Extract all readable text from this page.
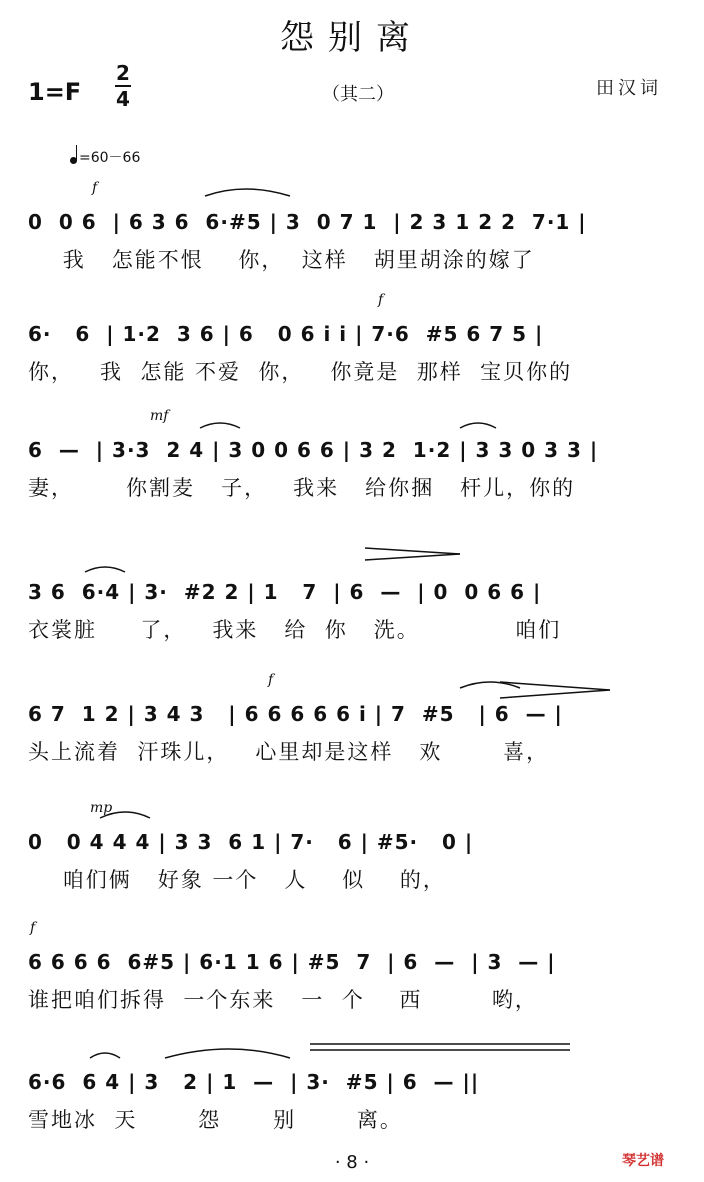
怨别离
1=F
2
4	（其二）	田汉词
=60－66
f
0  0 6  | 6 3 6  6·#5 | 3  0 7 1  | 2 3 1 2 2  7·1 |
我   怎能不恨    你，  这样   胡里胡涂的嫁了
f
6·   6  | 1·2  3 6 | 6   0 6 i i | 7·6  #5 6 7 5 |
你，   我  怎能 不爱  你，   你竟是  那样  宝贝你的
mf
6  —  | 3·3  2 4 | 3 0 0 6 6 | 3 2  1·2 | 3 3 0 3 3 |
妻，      你割麦   子，   我来   给你捆   杆儿，你的
3 6  6·4 | 3·  #2 2 | 1   7  | 6  —  | 0  0 6 6 |
衣裳脏     了，   我来   给  你   洗。           咱们
f
6 7  1 2 | 3 4 3   | 6 6 6 6 6 i | 7  #5   | 6  — |
头上流着  汗珠儿，   心里却是这样   欢       喜，
mp
0   0 4 4 4 | 3 3  6 1 | 7·   6 | #5·   0 |
咱们俩   好象 一个   人    似    的，
f
6 6 6 6  6#5 | 6·1 1 6 | #5  7  | 6  —  | 3  — |
谁把咱们拆得  一个东来   一  个    西        哟，
6·6  6 4 | 3   2 | 1  —  | 3·  #5 | 6  — ||
雪地冰  天       怨      别       离。
· 8 ·	琴艺谱
